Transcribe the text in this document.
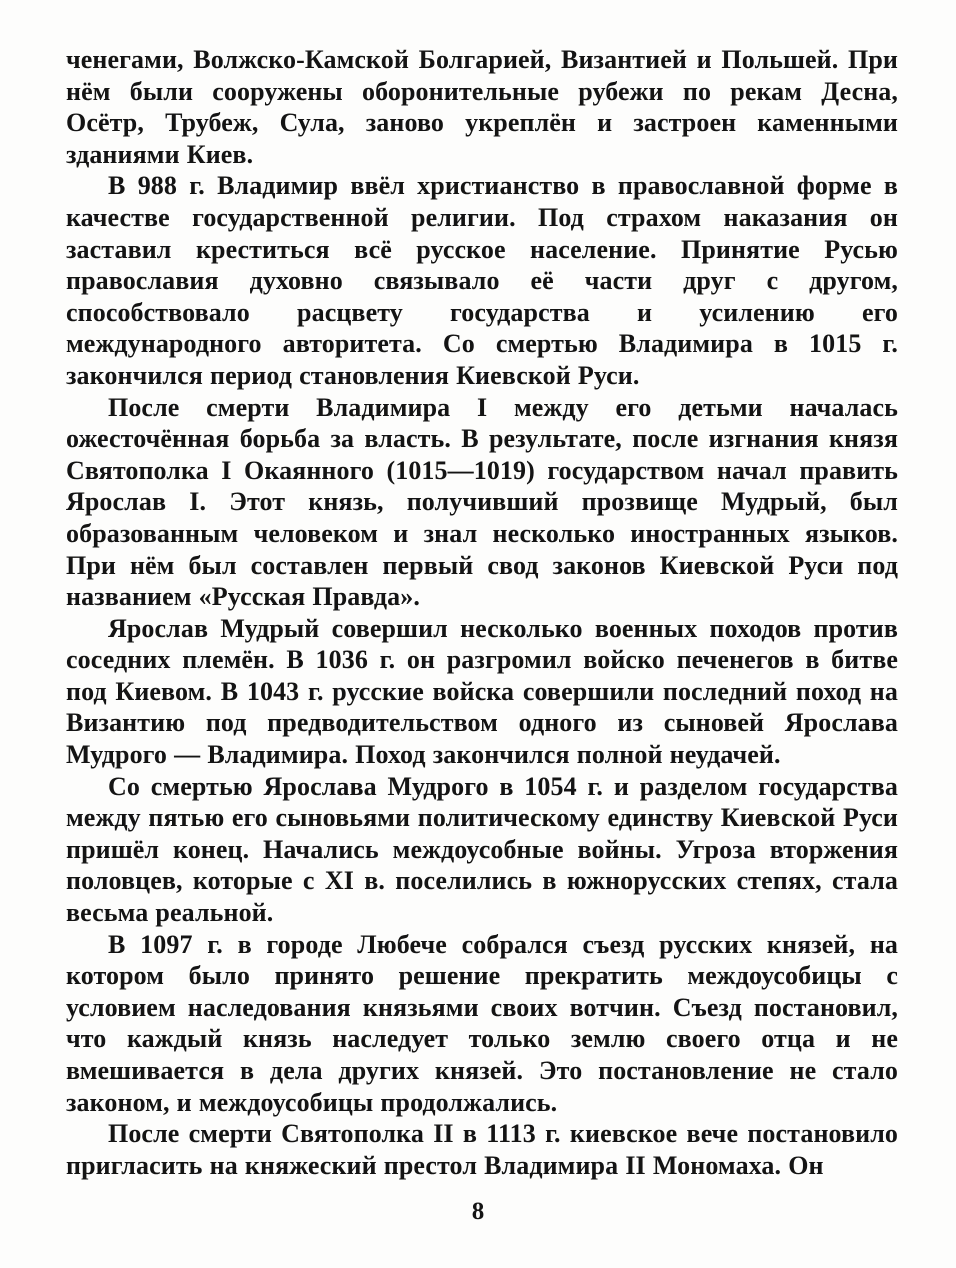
ченегами, Волжско-Камской Болгарией, Византией и Польшей. При нём были сооружены оборонительные рубежи по рекам Десна, Осётр, Трубеж, Сула, заново укреплён и застроен каменными зданиями Киев.

В 988 г. Владимир ввёл христианство в православной форме в качестве государственной религии. Под страхом наказания он заставил креститься всё русское население. Принятие Русью православия духовно связывало её части друг с другом, способствовало расцвету государства и усилению его международного авторитета. Со смертью Владимира в 1015 г. закончился период становления Киевской Руси.

После смерти Владимира I между его детьми началась ожесточённая борьба за власть. В результате, после изгнания князя Святополка I Окаянного (1015—1019) государством начал править Ярослав I. Этот князь, получивший прозвище Мудрый, был образованным человеком и знал несколько иностранных языков. При нём был составлен первый свод законов Киевской Руси под названием «Русская Правда».

Ярослав Мудрый совершил несколько военных походов против соседних племён. В 1036 г. он разгромил войско печенегов в битве под Киевом. В 1043 г. русские войска совершили последний поход на Византию под предводительством одного из сыновей Ярослава Мудрого — Владимира. Поход закончился полной неудачей.

Со смертью Ярослава Мудрого в 1054 г. и разделом государства между пятью его сыновьями политическому единству Киевской Руси пришёл конец. Начались междоусобные войны. Угроза вторжения половцев, которые с XI в. поселились в южнорусских степях, стала весьма реальной.

В 1097 г. в городе Любече собрался съезд русских князей, на котором было принято решение прекратить междоусобицы с условием наследования князьями своих вотчин. Съезд постановил, что каждый князь наследует только землю своего отца и не вмешивается в дела других князей. Это постановление не стало законом, и междоусобицы продолжались.

После смерти Святополка II в 1113 г. киевское вече постановило пригласить на княжеский престол Владимира II Мономаха. Он

8
